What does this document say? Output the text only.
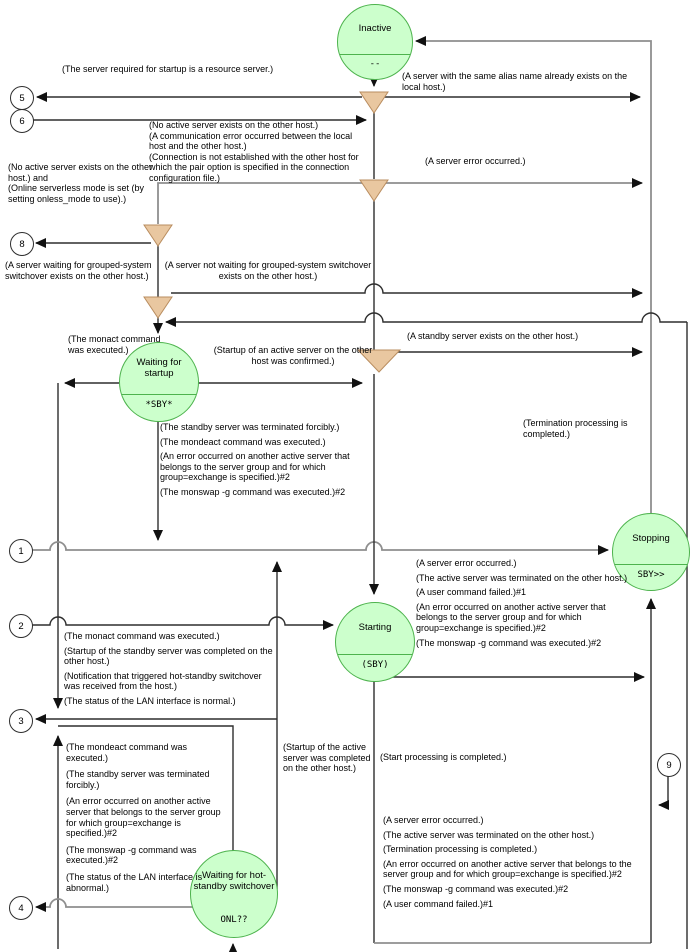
Inactive
--
Waiting for startup
*SBY*
Stopping
SBY>>
Starting
(SBY)
Waiting for hot-standby switchover
ONL??
5
6
8
1
2
3
4
9
(The server required for startup is a resource server.)
(A server with the same alias name already exists on the local host.)
(No active server exists on the other host.)
(A communication error occurred between the local host and the other host.)
(Connection is not established with the other host for which the pair option is specified in the connection configuration file.)
(A server error occurred.)
(No active server exists on the other host.) and
(Online serverless mode is set (by setting onless_mode to use).)
(A server waiting for grouped-system switchover exists on the other host.)
(A server not waiting for grouped-system switchover exists on the other host.)
(The monact command was executed.)	(Startup of an active server on the other host was confirmed.)
(A standby server exists on the other host.)
(Termination processing is completed.)
(The standby server was terminated forcibly.)
(The mondeact command was executed.)
(An error occurred on another active server that belongs to the server group and for which group=exchange is specified.)#2
(The monswap -g command was executed.)#2
(A server error occurred.)
(The active server was terminated on the other host.)
(A user command failed.)#1
(An error occurred on another active server that belongs to the server group and for which group=exchange is specified.)#2
(The monswap -g command was executed.)#2
(The monact command was executed.)
(Startup of the standby server was completed on the other host.)
(Notification that triggered hot-standby switchover was received from the host.)
(The status of the LAN interface is normal.)
(The mondeact command was executed.)
(The standby server was terminated forcibly.)
(An error occurred on another active server that belongs to the server group for which group=exchange is specified.)#2
(The monswap -g command was executed.)#2
(The status of the LAN interface is abnormal.)
(Startup of the active server was completed on the other host.)
(Start processing is completed.)
(A server error occurred.)
(The active server was terminated on the other host.)
(Termination processing is completed.)
(An error occurred on another active server that belongs to the server group and for which group=exchange is specified.)#2
(The monswap -g command was executed.)#2
(A user command failed.)#1
